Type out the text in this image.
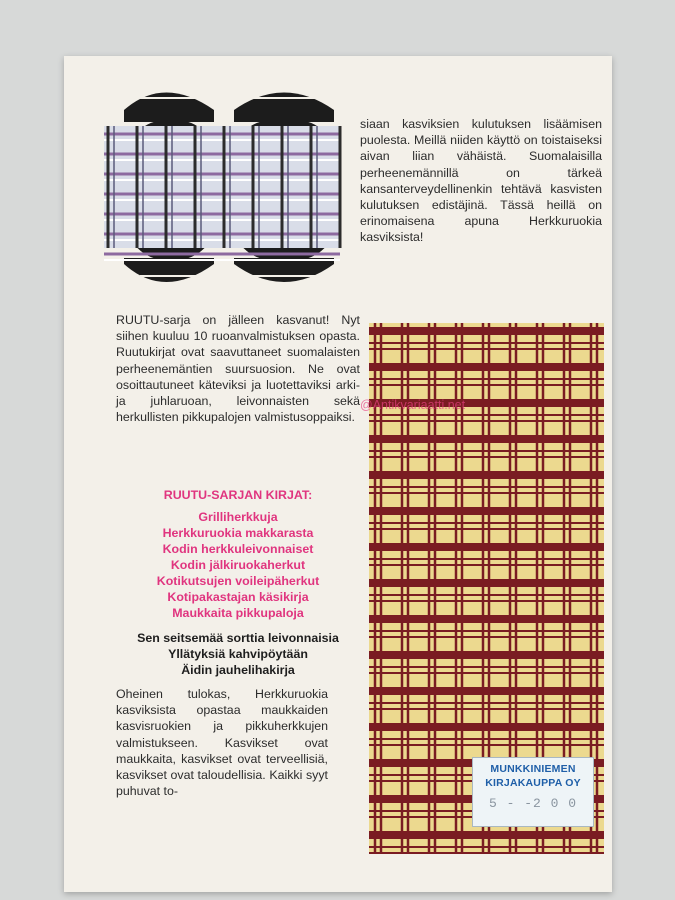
siaan kasviksien kulutuksen lisäämisen puolesta. Meillä niiden käyttö on toistaiseksi aivan liian vähäistä. Suomalaisilla perheenemännillä on tärkeä kansanterveydellinenkin tehtävä kasvisten kulutuksen edistäjinä. Tässä heillä on erinomaisena apuna Herkkuruokia kasviksista!

RUUTU-sarja on jälleen kasvanut! Nyt siihen kuuluu 10 ruoanvalmistuksen opasta. Ruutukirjat ovat saavuttaneet suomalaisten perheenemäntien suursuosion. Ne ovat osoittautuneet käteviksi ja luotettaviksi arki- ja juhlaruoan, leivonnaisten sekä herkullisten pikkupalojen valmistusoppaiksi.

RUUTU-SARJAN KIRJAT:

Grilliherkkuja
Herkkuruokia makkarasta
Kodin herkkuleivonnaiset
Kodin jälkiruokaherkut
Kotikutsujen voileipäherkut
Kotipakastajan käsikirja
Maukkaita pikkupaloja
Sen seitsemää sorttia leivonnaisia
Yllätyksiä kahvipöytään
Äidin jauhelihakirja

Oheinen tulokas, Herkkuruokia kasviksista opastaa maukkaiden kasvisruokien ja pikkuherkkujen valmistukseen. Kasvikset ovat maukkaita, kasvikset ovat terveellisiä, kasvikset ovat taloudellisia. Kaikki syyt puhuvat to-

MUNKKINIEMEN
KIRJAKAUPPA OY
5 - -2 0 0
@Antikvariaatti.net
